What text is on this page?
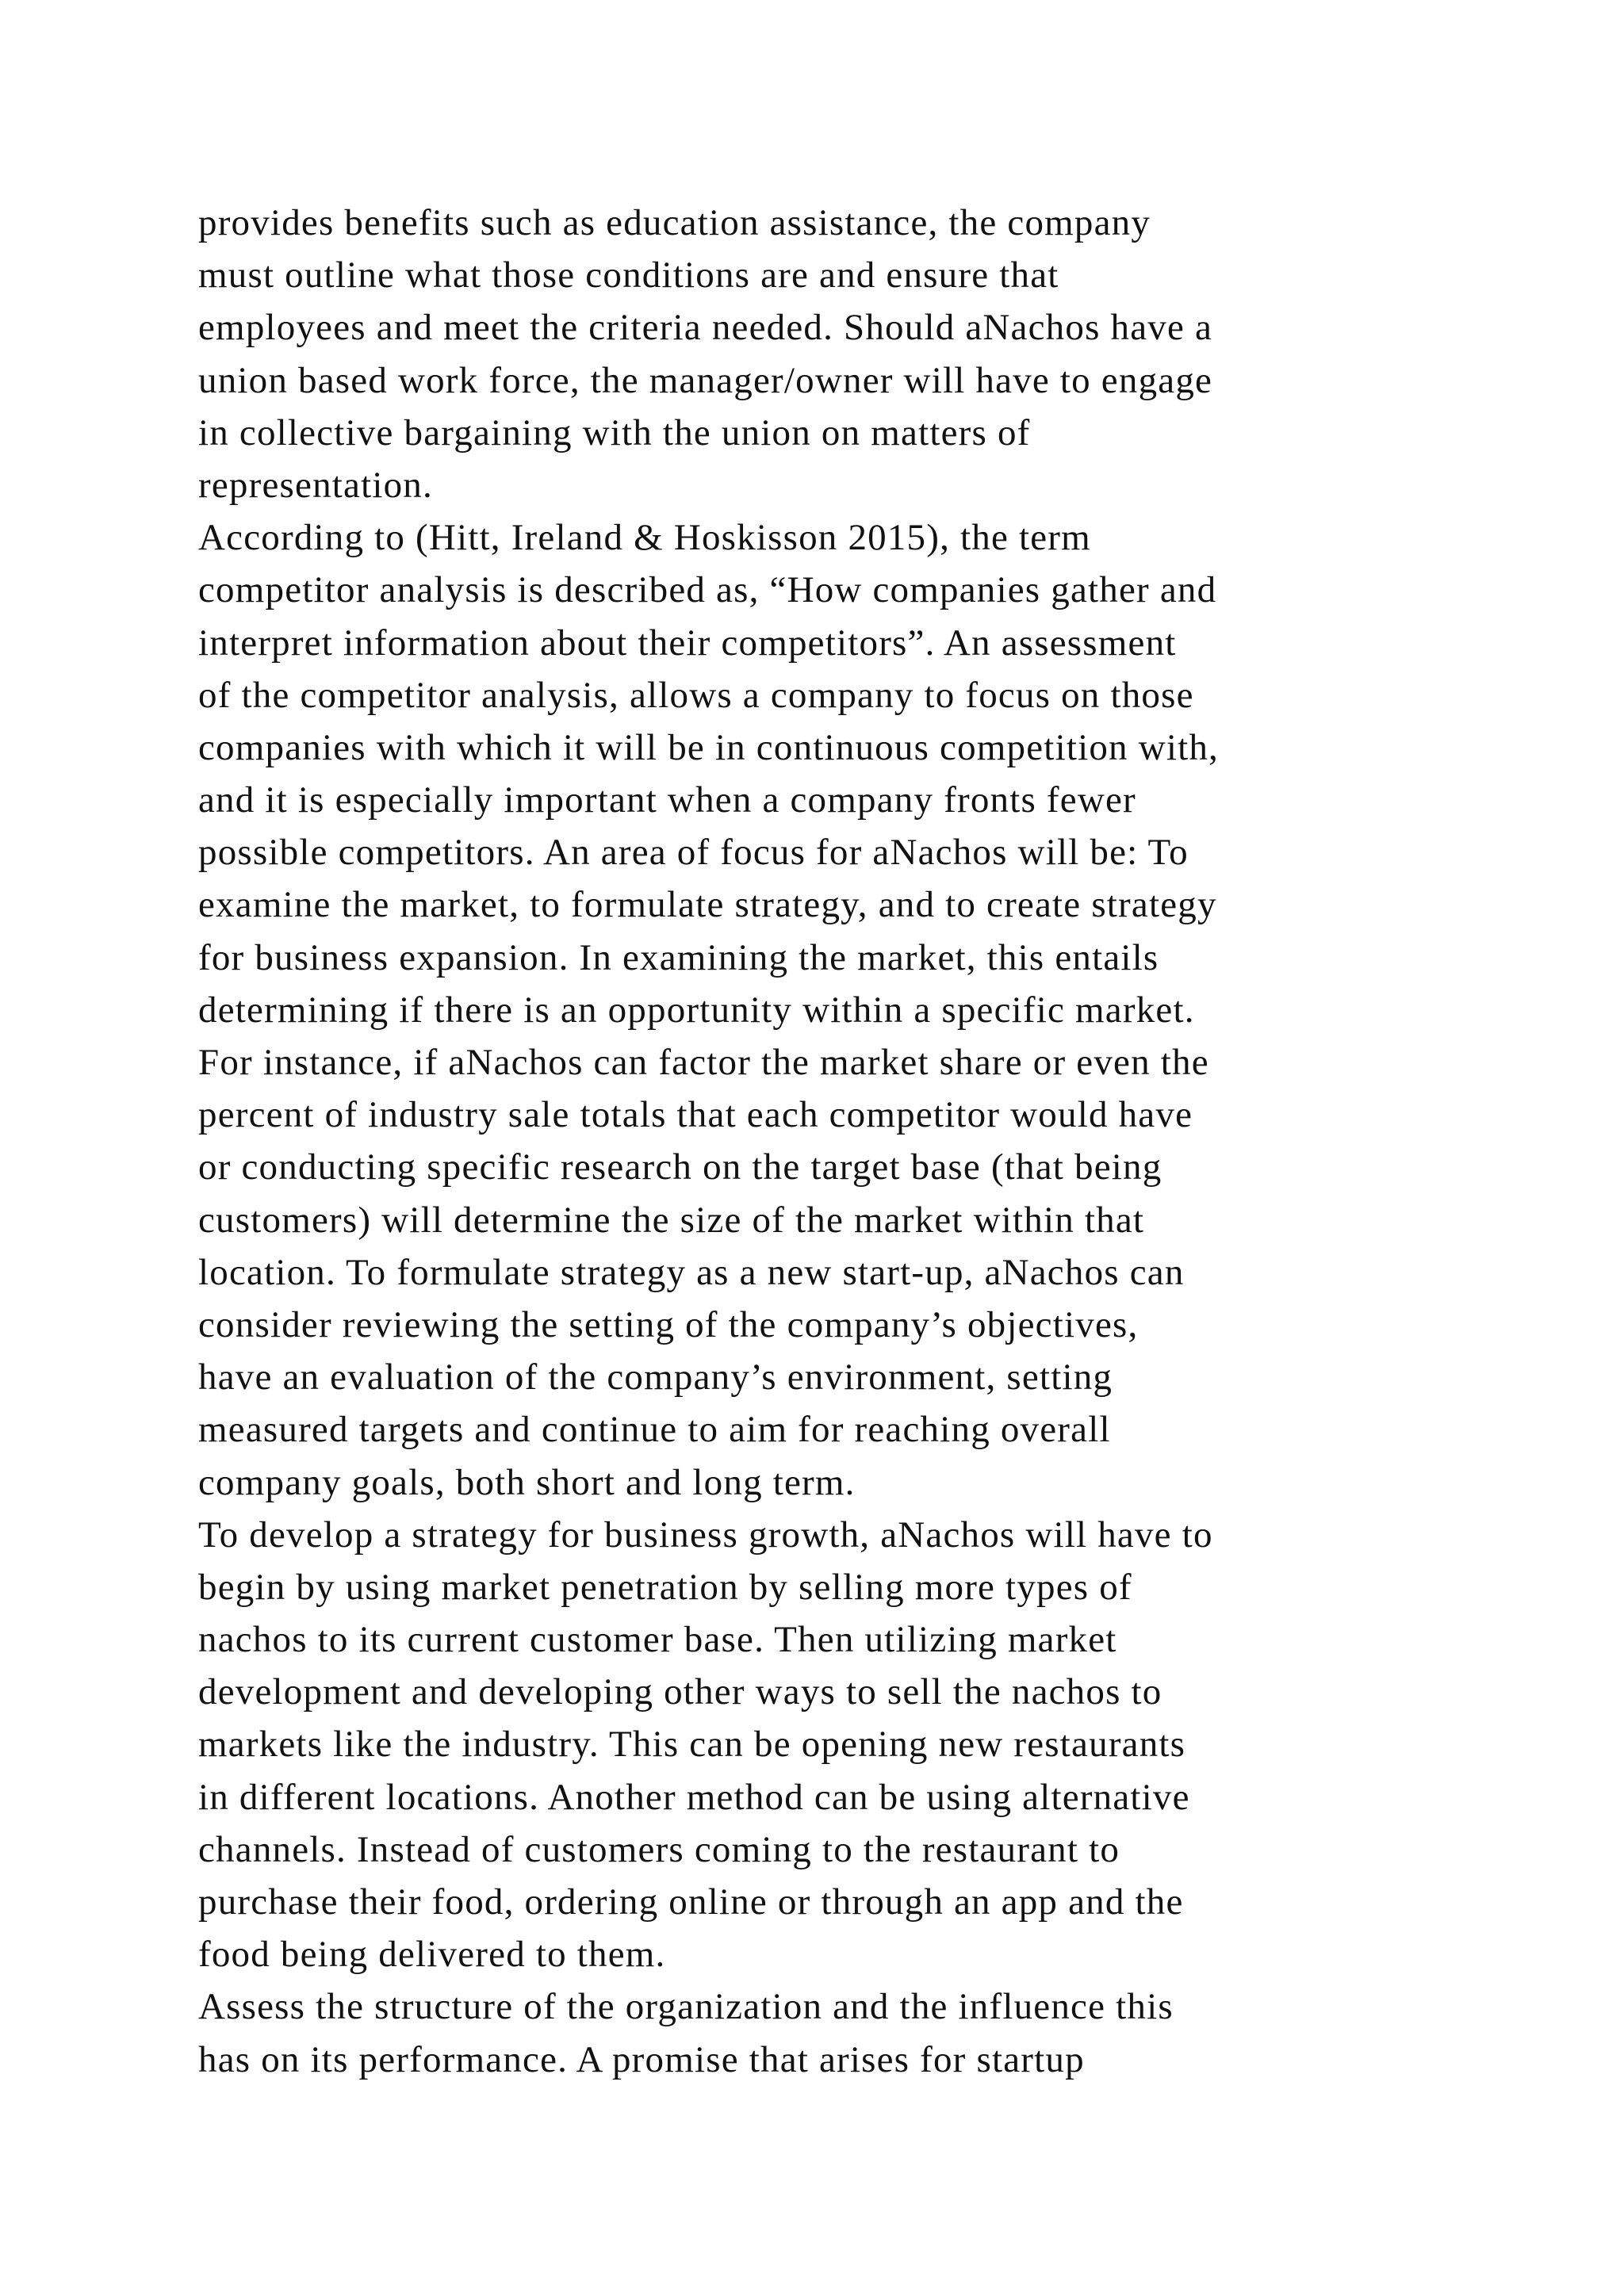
provides benefits such as education assistance, the company
must outline what those conditions are and ensure that
employees and meet the criteria needed. Should aNachos have a
union based work force, the manager/owner will have to engage
in collective bargaining with the union on matters of
representation.
According to (Hitt, Ireland & Hoskisson 2015), the term
competitor analysis is described as, “How companies gather and
interpret information about their competitors”. An assessment
of the competitor analysis, allows a company to focus on those
companies with which it will be in continuous competition with,
and it is especially important when a company fronts fewer
possible competitors. An area of focus for aNachos will be: To
examine the market, to formulate strategy, and to create strategy
for business expansion. In examining the market, this entails
determining if there is an opportunity within a specific market.
For instance, if aNachos can factor the market share or even the
percent of industry sale totals that each competitor would have
or conducting specific research on the target base (that being
customers) will determine the size of the market within that
location. To formulate strategy as a new start-up, aNachos can
consider reviewing the setting of the company’s objectives,
have an evaluation of the company’s environment, setting
measured targets and continue to aim for reaching overall
company goals, both short and long term.
To develop a strategy for business growth, aNachos will have to
begin by using market penetration by selling more types of
nachos to its current customer base. Then utilizing market
development and developing other ways to sell the nachos to
markets like the industry. This can be opening new restaurants
in different locations. Another method can be using alternative
channels. Instead of customers coming to the restaurant to
purchase their food, ordering online or through an app and the
food being delivered to them.
Assess the structure of the organization and the influence this
has on its performance. A promise that arises for startup
